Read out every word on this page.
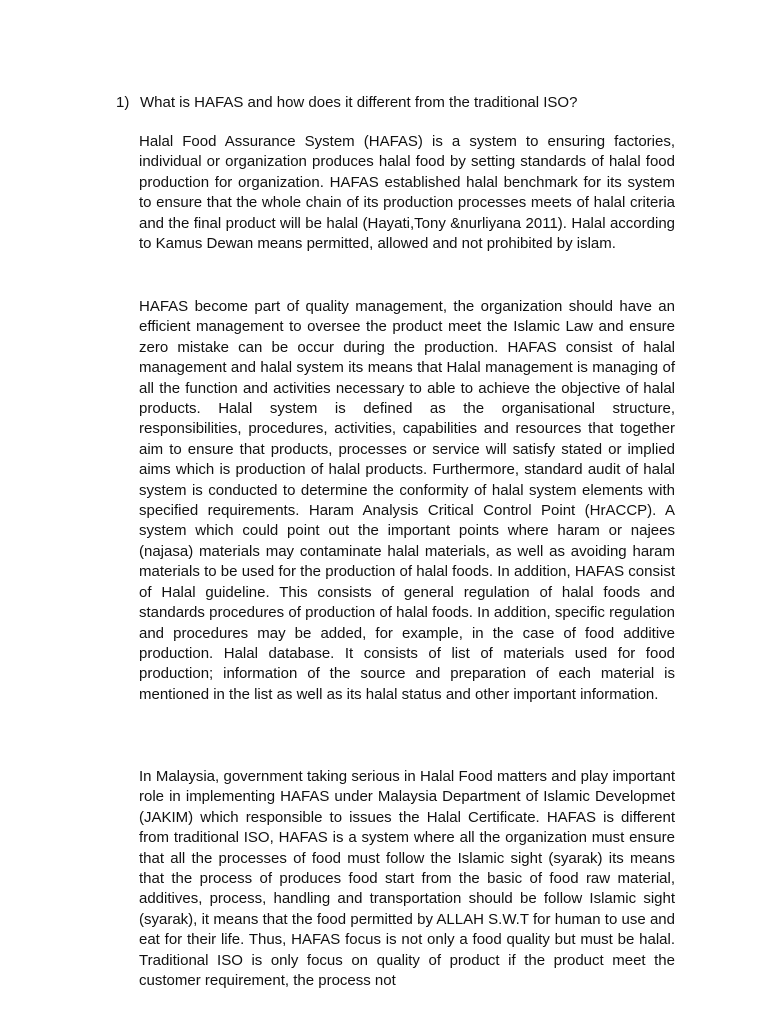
1) What is HAFAS and how does it different from the traditional ISO?

Halal Food Assurance System (HAFAS) is a system to ensuring factories, individual or organization produces halal food by setting standards of halal food production for organization. HAFAS established halal benchmark for its system to ensure that the whole chain of its production processes meets of halal criteria and the final product will be halal (Hayati,Tony &nurliyana 2011). Halal according to Kamus Dewan means permitted, allowed and not prohibited by islam.

HAFAS become part of quality management, the organization should have an efficient management to oversee the product meet the Islamic Law and ensure zero mistake can be occur during the production. HAFAS consist of halal management and halal system its means that Halal management is managing of all the function and activities necessary to able to achieve the objective of halal products. Halal system is defined as the organisational structure, responsibilities, procedures, activities, capabilities and resources that together aim to ensure that products, processes or service will satisfy stated or implied aims which is production of halal products. Furthermore, standard audit of halal system is conducted to determine the conformity of halal system elements with specified requirements. Haram Analysis Critical Control Point (HrACCP). A system which could point out the important points where haram or najees (najasa) materials may contaminate halal materials, as well as avoiding haram materials to be used for the production of halal foods. In addition, HAFAS consist of Halal guideline. This consists of general regulation of halal foods and standards procedures of production of halal foods. In addition, specific regulation and procedures may be added, for example, in the case of food additive production. Halal database. It consists of list of materials used for food production; information of the source and preparation of each material is mentioned in the list as well as its halal status and other important information.

In Malaysia, government taking serious in Halal Food matters and play important role in implementing HAFAS under Malaysia Department of Islamic Developmet (JAKIM) which responsible to issues the Halal Certificate. HAFAS is different from traditional ISO, HAFAS is a system where all the organization must ensure that all the processes of food must follow the Islamic sight (syarak) its means that the process of produces food start from the basic of food raw material, additives, process, handling and transportation should be follow Islamic sight (syarak), it means that the food permitted by ALLAH S.W.T for human to use and eat for their life. Thus, HAFAS focus is not only a food quality but must be halal. Traditional ISO is only focus on quality of product if the product meet the customer requirement, the process not
